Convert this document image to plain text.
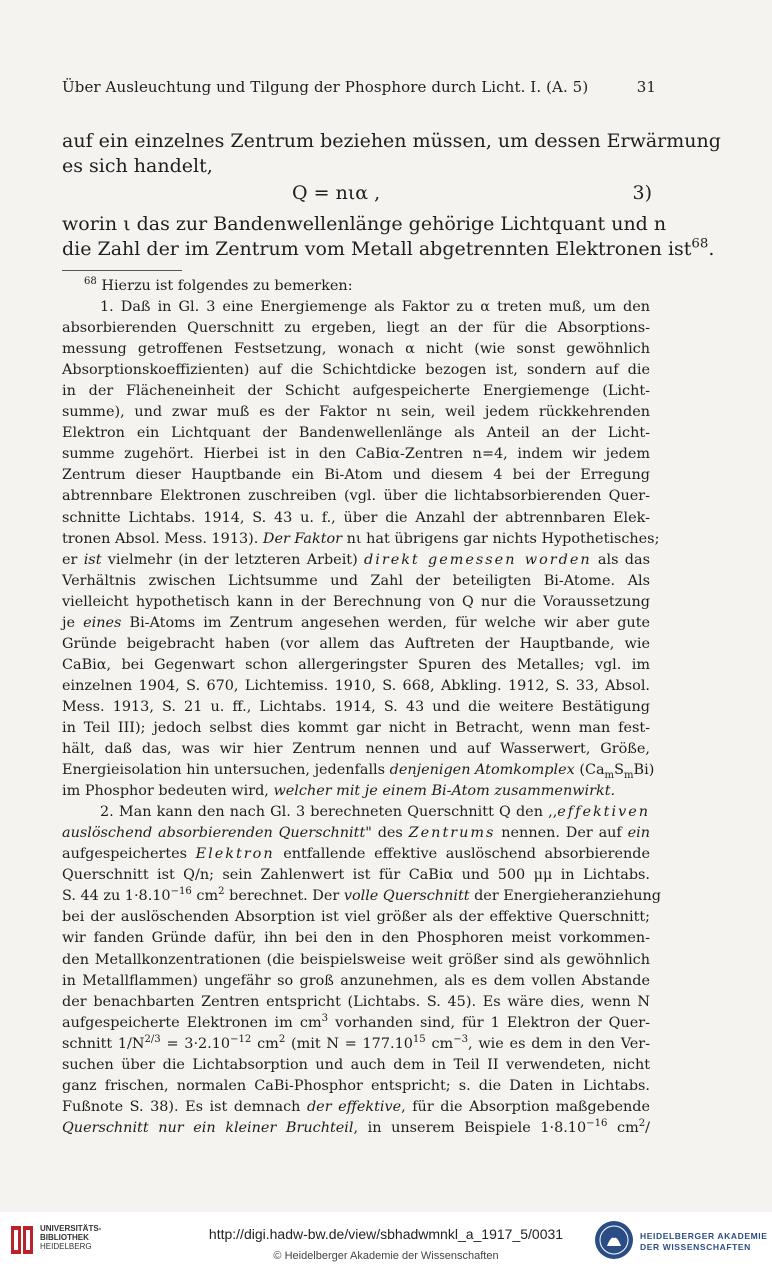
Über Ausleuchtung und Tilgung der Phosphore durch Licht. I. (A. 5)	31
auf ein einzelnes Zentrum beziehen müssen, um dessen Erwärmung
es sich handelt,
Q = nια ,	3)
worin ι das zur Bandenwellenlänge gehörige Lichtquant und n
die Zahl der im Zentrum vom Metall abgetrennten Elektronen ist$^{68}$.
$^{68}$ Hierzu ist folgendes zu bemerken:
1. Daß in Gl. 3 eine Energiemenge als Faktor zu α treten muß, um den
absorbierenden Querschnitt zu ergeben, liegt an der für die Absorptions-
messung getroffenen Festsetzung, wonach α nicht (wie sonst gewöhnlich
Absorptionskoeffizienten) auf die Schichtdicke bezogen ist, sondern auf die
in der Flächeneinheit der Schicht aufgespeicherte Energiemenge (Licht-
summe), und zwar muß es der Faktor nι sein, weil jedem rückkehrenden
Elektron ein Lichtquant der Bandenwellenlänge als Anteil an der Licht-
summe zugehört. Hierbei ist in den CaBiα-Zentren n=4, indem wir jedem
Zentrum dieser Hauptbande ein Bi-Atom und diesem 4 bei der Erregung
abtrennbare Elektronen zuschreiben (vgl. über die lichtabsorbierenden Quer-
schnitte Lichtabs. 1914, S. 43 u. f., über die Anzahl der abtrennbaren Elek-
tronen Absol. Mess. 1913). Der Faktor nι hat übrigens gar nichts Hypothetisches;
er ist vielmehr (in der letzteren Arbeit) direkt gemessen worden als das
Verhältnis zwischen Lichtsumme und Zahl der beteiligten Bi-Atome. Als
vielleicht hypothetisch kann in der Berechnung von Q nur die Voraussetzung
je eines Bi-Atoms im Zentrum angesehen werden, für welche wir aber gute
Gründe beigebracht haben (vor allem das Auftreten der Hauptbande, wie
CaBiα, bei Gegenwart schon allergeringster Spuren des Metalles; vgl. im
einzelnen 1904, S. 670, Lichtemiss. 1910, S. 668, Abkling. 1912, S. 33, Absol.
Mess. 1913, S. 21 u. ff., Lichtabs. 1914, S. 43 und die weitere Bestätigung
in Teil III); jedoch selbst dies kommt gar nicht in Betracht, wenn man fest-
hält, daß das, was wir hier Zentrum nennen und auf Wasserwert, Größe,
Energieisolation hin untersuchen, jedenfalls denjenigen Atomkomplex $(Ca_mS_mBi)$
im Phosphor bedeuten wird, welcher mit je einem Bi-Atom zusammenwirkt.
2. Man kann den nach Gl. 3 berechneten Querschnitt Q den ,,effektiven
auslöschend absorbierenden Querschnitt" des Zentrums nennen. Der auf ein
aufgespeichertes Elektron entfallende effektive auslöschend absorbierende
Querschnitt ist Q/n; sein Zahlenwert ist für CaBiα und 500 μμ in Lichtabs.
S. 44 zu $1\cdot 8.10^{-16}$ $cm^2$ berechnet. Der volle Querschnitt der Energieheranziehung
bei der auslöschenden Absorption ist viel größer als der effektive Querschnitt;
wir fanden Gründe dafür, ihn bei den in den Phosphoren meist vorkommen-
den Metallkonzentrationen (die beispielsweise weit größer sind als gewöhnlich
in Metallflammen) ungefähr so groß anzunehmen, als es dem vollen Abstande
der benachbarten Zentren entspricht (Lichtabs. S. 45). Es wäre dies, wenn N
aufgespeicherte Elektronen im $cm^3$ vorhanden sind, für 1 Elektron der Quer-
schnitt $1/N^{2/3} = 3\cdot 2.10^{-12}$ $cm^2$ (mit $N = 177.10^{15}$ $cm^{-3}$, wie es dem in den Ver-
suchen über die Lichtabsorption und auch dem in Teil II verwendeten, nicht
ganz frischen, normalen CaBi-Phosphor entspricht; s. die Daten in Lichtabs.
Fußnote S. 38). Es ist demnach der effektive, für die Absorption maßgebende
Querschnitt nur ein kleiner Bruchteil, in unserem Beispiele $1\cdot 8.10^{-16}$ $cm^2/$
UNIVERSITÄTS-
BIBLIOTHEK
HEIDELBERG
http://digi.hadw-bw.de/view/sbhadwmnkl_a_1917_5/0031
© Heidelberger Akademie der Wissenschaften
HEIDELBERGER AKADEMIE
DER WISSENSCHAFTEN
